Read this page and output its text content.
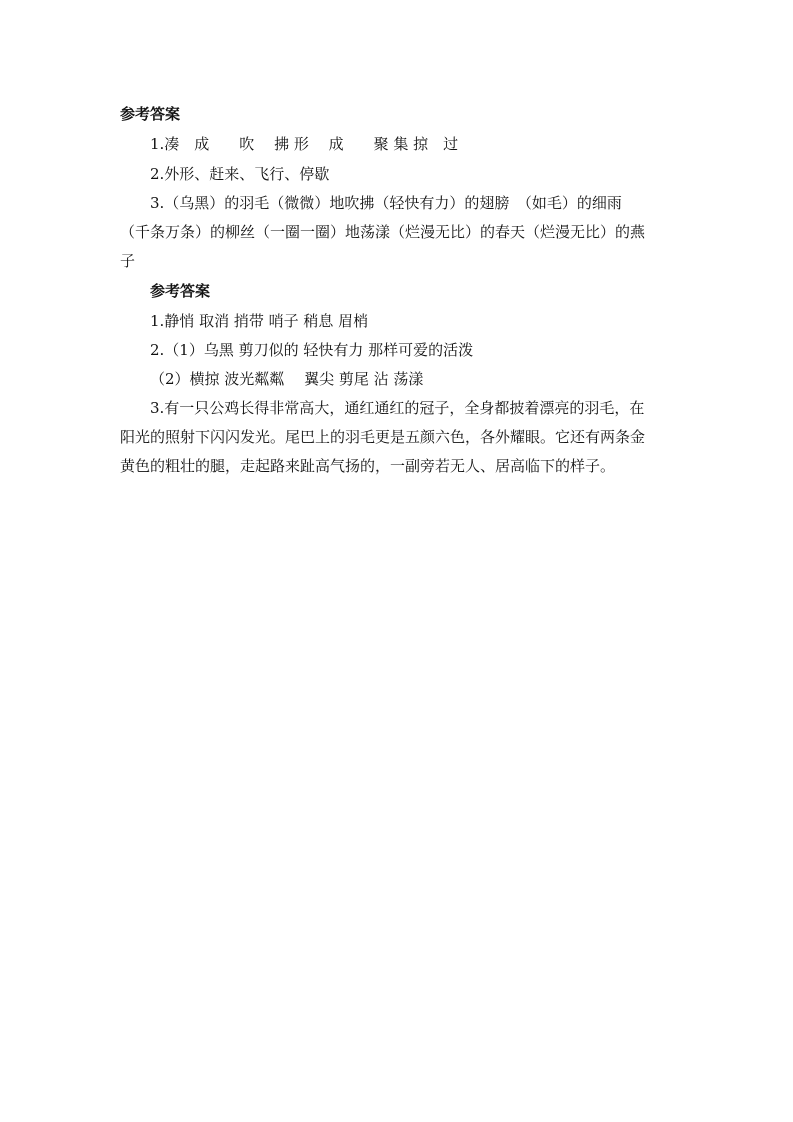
参考答案
1.凑　成　　吹　 拂 形　 成　　聚 集 掠　过
2.外形、赶来、飞行、停歇
3.（乌黑）的羽毛（微微）地吹拂（轻快有力）的翅膀　（如毛）的细雨
（千条万条）的柳丝（一圈一圈）地荡漾（烂漫无比）的春天（烂漫无比）的燕
子
参考答案
1.静悄 取消 捎带 哨子 稍息 眉梢
2.（1）乌黑 剪刀似的 轻快有力 那样可爱的活泼
（2）横掠 波光粼粼　 翼尖 剪尾 沾 荡漾
3.有一只公鸡长得非常高大，通红通红的冠子，全身都披着漂亮的羽毛，在
阳光的照射下闪闪发光。尾巴上的羽毛更是五颜六色，各外耀眼。它还有两条金
黄色的粗壮的腿，走起路来趾高气扬的，一副旁若无人、居高临下的样子。
